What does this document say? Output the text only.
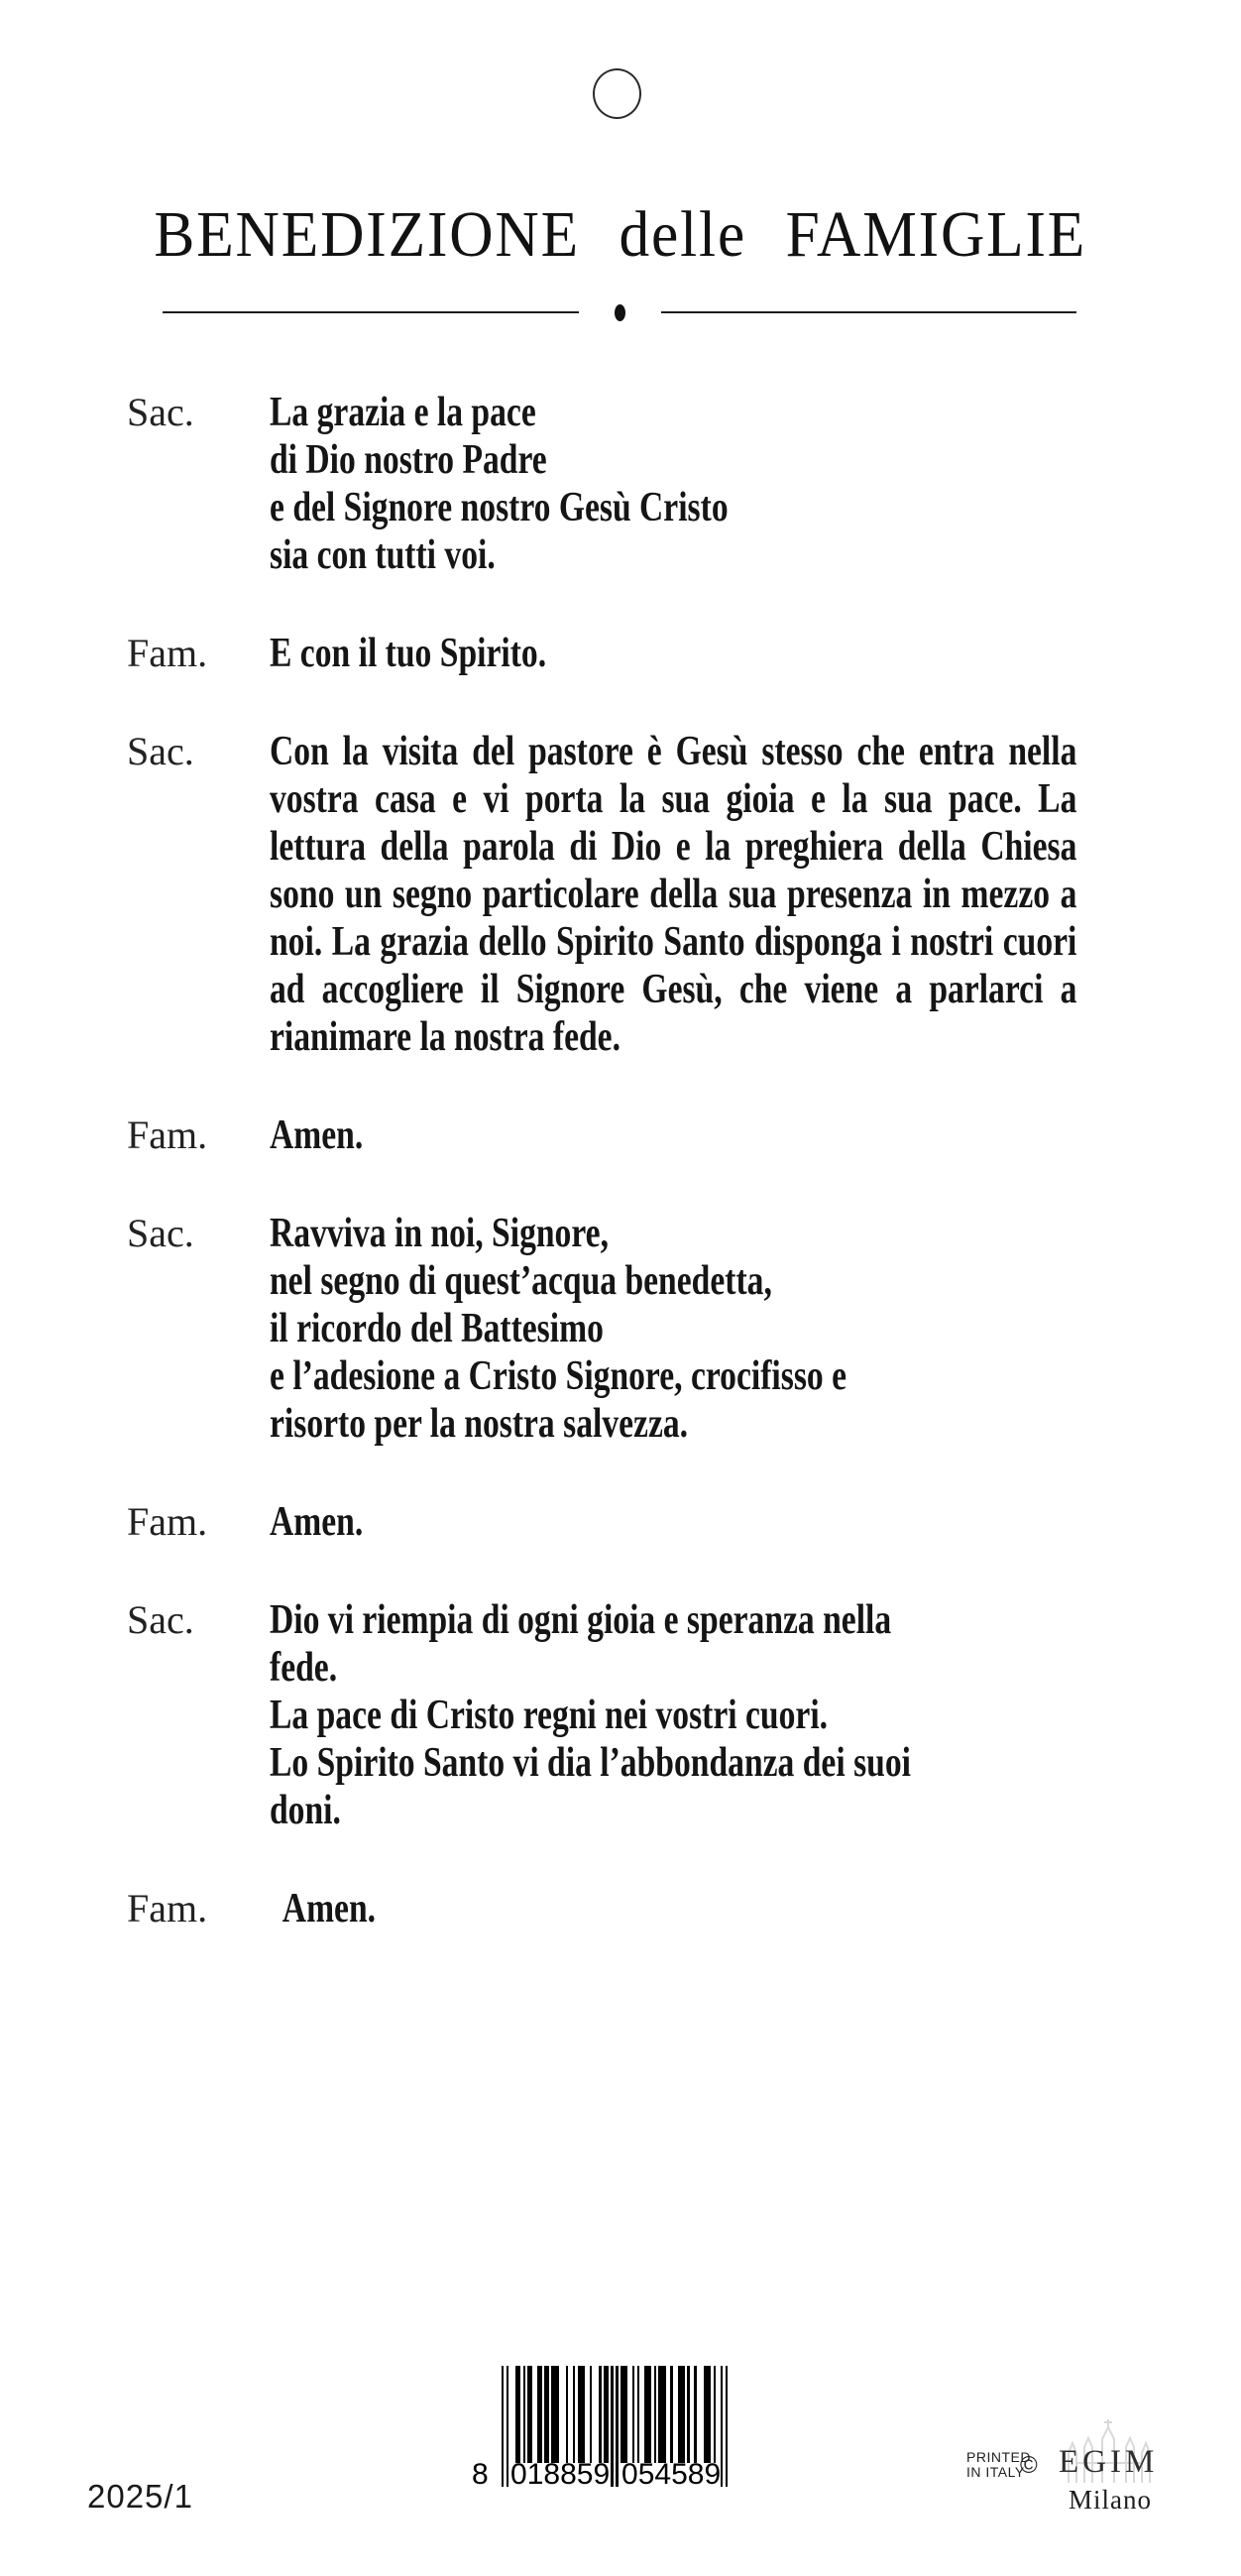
BENEDIZIONE delle FAMIGLIE
Sac.	La grazia e la pace
di Dio nostro Padre
e del Signore nostro Gesù Cristo
sia con tutti voi.
Fam.	E con il tuo Spirito.
Sac.	Con la visita del pastore è Gesù stesso che entra nella vostra casa e vi porta la sua gioia e la sua pace. La lettura della parola di Dio e la preghiera della Chiesa sono un segno particolare della sua presenza in mezzo a noi. La grazia dello Spirito Santo disponga i nostri cuori ad accogliere il Signore Gesù, che viene a parlarci a rianimare la nostra fede.
Fam.	Amen.
Sac.	Ravviva in noi, Signore,
nel segno di quest’acqua benedetta,
il ricordo del Battesimo
e l’adesione a Cristo Signore, crocifisso e
risorto per la nostra salvezza.
Fam.	Amen.
Sac.	Dio vi riempia di ogni gioia e speranza nella
fede.
La pace di Cristo regni nei vostri cuori.
Lo Spirito Santo vi dia l’abbondanza dei suoi
doni.
Fam.	Amen.
2025/1
8 0 1 8 8 5 9 0 5 4 5 8 9
PRINTED
IN ITALY
© EGIM
Milano
